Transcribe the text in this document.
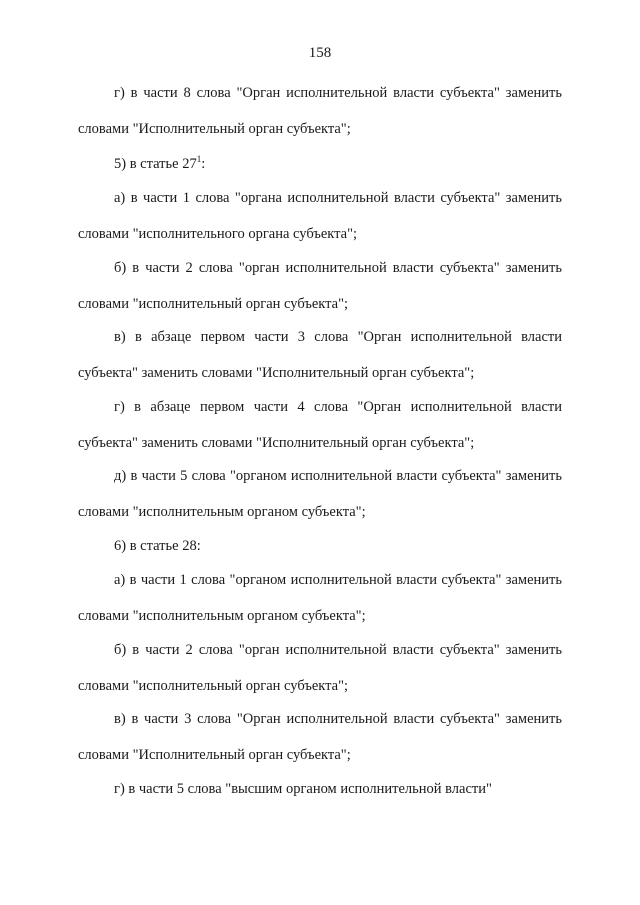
158

г) в части 8 слова "Орган исполнительной власти субъекта" заменить словами "Исполнительный орган субъекта";

5) в статье $27^1$:

а) в части 1 слова "органа исполнительной власти субъекта" заменить словами "исполнительного органа субъекта";

б) в части 2 слова "орган исполнительной власти субъекта" заменить словами "исполнительный орган субъекта";

в) в абзаце первом части 3 слова "Орган исполнительной власти субъекта" заменить словами "Исполнительный орган субъекта";

г) в абзаце первом части 4 слова "Орган исполнительной власти субъекта" заменить словами "Исполнительный орган субъекта";

д) в части 5 слова "органом исполнительной власти субъекта" заменить словами "исполнительным органом субъекта";

6) в статье 28:

а) в части 1 слова "органом исполнительной власти субъекта" заменить словами "исполнительным органом субъекта";

б) в части 2 слова "орган исполнительной власти субъекта" заменить словами "исполнительный орган субъекта";

в) в части 3 слова "Орган исполнительной власти субъекта" заменить словами "Исполнительный орган субъекта";

г) в части 5 слова "высшим органом исполнительной власти"
